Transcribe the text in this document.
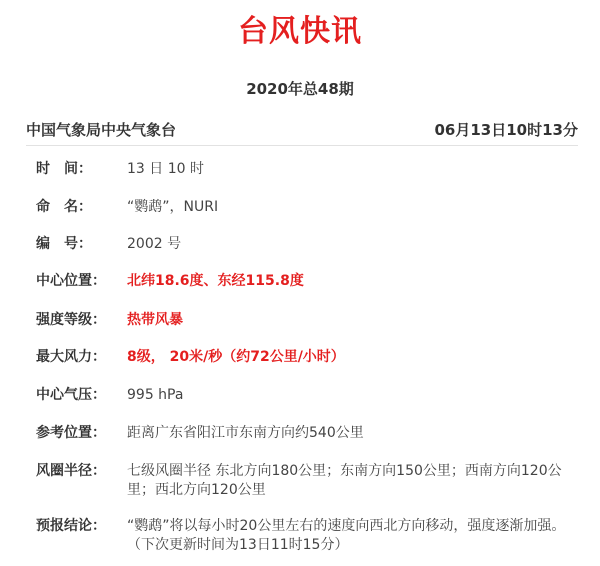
台风快讯
2020年总48期
中国气象局中央气象台	06月13日10时13分
时　间：	13 日 10 时
命　名：	“鹦鹉”，NURI
编　号：	2002 号
中心位置：	北纬18.6度、东经115.8度
强度等级：	热带风暴
最大风力：	8级， 20米/秒（约72公里/小时）
中心气压：	995 hPa
参考位置：	距离广东省阳江市东南方向约540公里
风圈半径：	七级风圈半径 东北方向180公里；东南方向150公里；西南方向120公里；西北方向120公里
预报结论：	“鹦鹉”将以每小时20公里左右的速度向西北方向移动，强度逐渐加强。
（下次更新时间为13日11时15分）
